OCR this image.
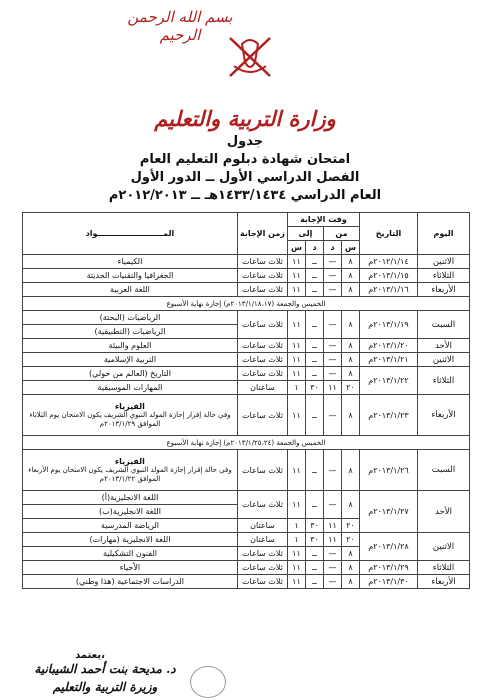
بسم الله الرحمن الرحيم
وزارة التربية والتعليم
جدول
امتحان شهادة دبلوم التعليم العام
الفصل الدراسي الأول ــ الدور الأول
العام الدراسي ١٤٣٣/١٤٣٤هـ ــ ٢٠١٢/٢٠١٣م
اليوم	التاريخ	وقت الإجابة				زمن الإجابة	المــــــــــــــــــــــــواد
		من		إلى			
		س	د	د	س		
الاثنين	٢٠١٢/١/١٤م	٨	—	ــ	١١	ثلاث ساعات	الكيمياء
الثلاثاء	٢٠١٣/١/١٥م	٨	—	ــ	١١	ثلاث ساعات	الجغرافيا والتقنيات الحديثة
الأربعاء	٢٠١٣/١/١٦م	٨	—	ــ	١١	ثلاث ساعات	اللغة العربية
الخميس والجمعة (٢٠١٣/١/١٨،١٧م) إجازة نهاية الأسبوع							
السبت	٢٠١٣/١/١٩م	٨	—	ــ	١١	ثلاث ساعات	الرياضيات (البحتة)
							الرياضيات (التطبيقية)
الأحد	٢٠١٣/١/٢٠م	٨	—	ــ	١١	ثلاث ساعات	العلوم والبيئة
الاثنين	٢٠١٣/١/٢١م	٨	—	ــ	١١	ثلاث ساعات	التربية الإسلامية
الثلاثاء	٢٠١٣/١/٢٢م	٨	—	ــ	١١	ثلاث ساعات	التاريخ (العالم من حولي)
		٢٠	١١	٣٠	١	ساعتان	المهارات الموسيقية
الأربعاء	٢٠١٣/١/٢٣م	٨	—	ــ	١١	ثلاث ساعات	الفيزياء
وفي حالة إقرار إجازة المولد النبوي الشريف يكون الامتحان يوم الثلاثاء الموافق ٢٠١٣/١/٢٩م

الخميس والجمعة (٢٠١٣/١/٢٥،٢٤م) إجازة نهاية الأسبوع							
السبت	٢٠١٣/١/٢٦م	٨	—	ــ	١١	ثلاث ساعات	الفيزياء
وفي حالة إقرار إجازة المولد النبوي الشريف يكون الامتحان يوم الأربعاء الموافق ٢٠١٣/١/٢٢م

الأحد	٢٠١٣/١/٢٧م	٨	—	ــ	١١	ثلاث ساعات	اللغة الانجليزية(أ)
							اللغة الانجليزية(ب)
		٢٠	١١	٣٠	١	ساعتان	الرياضة المدرسية
الاثنين	٢٠١٣/١/٢٨م	٢٠	١١	٣٠	١	ساعتان	اللغة الانجليزية (مهارات)
		٨	—	ــ	١١	ثلاث ساعات	الفنون التشكيلية
الثلاثاء	٢٠١٣/١/٢٩م	٨	—	ــ	١١	ثلاث ساعات	الأحياء
الأربعاء	٢٠١٣/١/٣٠م	٨	—	ــ	١١	ثلاث ساعات	الدراسات الاجتماعية (هذا وطني)
يعتمد،
د. مديحة بنت أحمد الشيبانية
وزيرة التربية والتعليم
